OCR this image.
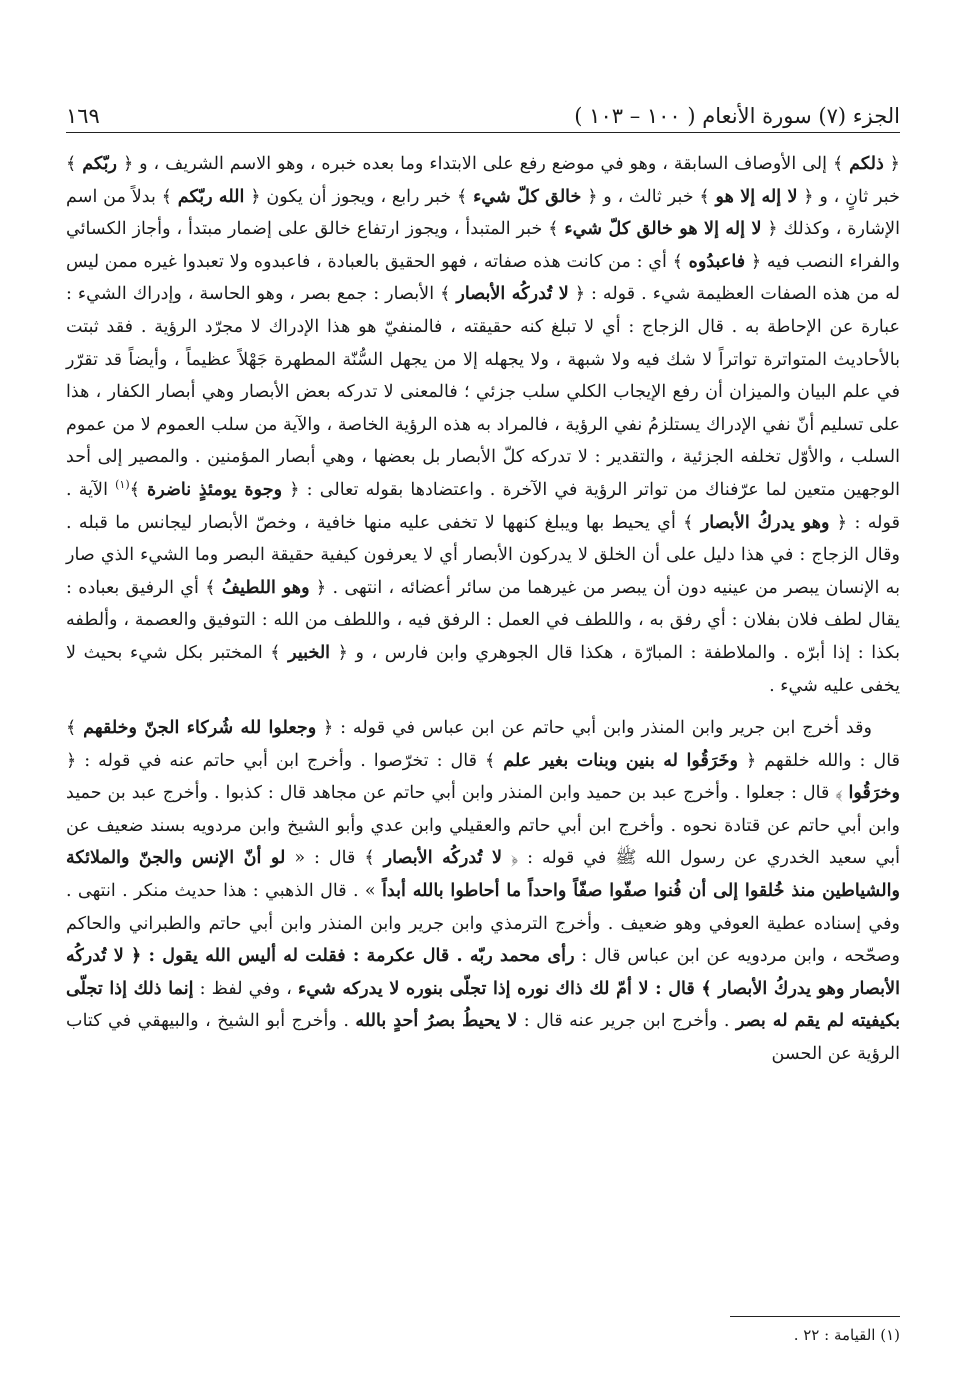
الجزء (٧) سورة الأنعام ( ١٠٠ – ١٠٣ )
١٦٩

﴿ ذلكم ﴾ إلى الأوصاف السابقة ، وهو في موضع رفع على الابتداء وما بعده خبره ، وهو الاسم الشريف ، و ﴿ ربّكم ﴾ خبر ثانٍ ، و ﴿ لا إله إلا هو ﴾ خبر ثالث ، و ﴿ خالق كلّ شيء ﴾ خبر رابع ، ويجوز أن يكون ﴿ الله ربّكم ﴾ بدلاً من اسم الإشارة ، وكذلك ﴿ لا إله إلا هو خالق كلّ شيء ﴾ خبر المتبدأ ، ويجوز ارتفاع خالق على إضمار مبتدأ ، وأجاز الكسائي والفراء النصب فيه ﴿ فاعبدُوه ﴾ أي : من كانت هذه صفاته ، فهو الحقيق بالعبادة ، فاعبدوه ولا تعبدوا غيره ممن ليس له من هذه الصفات العظيمة شيء . قوله : ﴿ لا تُدركُه الأبصار ﴾ الأبصار : جمع بصر ، وهو الحاسة ، وإدراك الشيء : عبارة عن الإحاطة به . قال الزجاج : أي لا تبلغ كنه حقيقته ، فالمنفيّ هو هذا الإدراك لا مجرّد الرؤية . فقد ثبتت بالأحاديث المتواترة تواتراً لا شك فيه ولا شبهة ، ولا يجهله إلا من يجهل السُّنّة المطهرة جَهْلاً عظيماً ، وأيضاً قد تقرّر في علم البيان والميزان أن رفع الإيجاب الكلي سلب جزئي ؛ فالمعنى لا تدركه بعض الأبصار وهي أبصار الكفار ، هذا على تسليم أنّ نفي الإدراك يستلزمُ نفي الرؤية ، فالمراد به هذه الرؤية الخاصة ، والآية من سلب العموم لا من عموم السلب ، والأوّل تخلفه الجزئية ، والتقدير : لا تدركه كلّ الأبصار بل بعضها ، وهي أبصار المؤمنين . والمصير إلى أحد الوجهين متعين لما عرّفناك من تواتر الرؤية في الآخرة . واعتضادها بقوله تعالى : ﴿ وجوة يومئذٍ ناضرة ﴾$^{(١)}$ الآية . قوله : ﴿ وهو يدركُ الأبصار ﴾ أي يحيط بها ويبلغ كنهها لا تخفى عليه منها خافية ، وخصّ الأبصار ليجانس ما قبله . وقال الزجاج : في هذا دليل على أن الخلق لا يدركون الأبصار أي لا يعرفون كيفية حقيقة البصر وما الشيء الذي صار به الإنسان يبصر من عينيه دون أن يبصر من غيرهما من سائر أعضائه ، انتهى . ﴿ وهو اللطيفُ ﴾ أي الرفيق بعباده : يقال لطف فلان بفلان : أي رفق به ، واللطف في العمل : الرفق فيه ، واللطف من الله : التوفيق والعصمة ، وألطفه بكذا : إذا أبرّه . والملاطفة : المبارّة ، هكذا قال الجوهري وابن فارس ، و ﴿ الخبير ﴾ المختبر بكل شيء بحيث لا يخفى عليه شيء .

وقد أخرج ابن جرير وابن المنذر وابن أبي حاتم عن ابن عباس في قوله : ﴿ وجعلوا لله شُركاء الجنّ وخلقهم ﴾ قال : والله خلقهم ﴿ وخَرَقُوا له بنين وبنات بغير علم ﴾ قال : تخرّصوا . وأخرج ابن أبي حاتم عنه في قوله : ﴿ وخرَقُوا ﴾ قال : جعلوا . وأخرج عبد بن حميد وابن المنذر وابن أبي حاتم عن مجاهد قال : كذبوا . وأخرج عبد بن حميد وابن أبي حاتم عن قتادة نحوه . وأخرج ابن أبي حاتم والعقيلي وابن عدي وأبو الشيخ وابن مردويه بسند ضعيف عن أبي سعيد الخدري عن رسول الله ﷺ في قوله : ﴿ لا تُدركُه الأبصار ﴾ قال : « لو أنّ الإنس والجنّ والملائكة والشياطين منذ خُلقوا إلى أن فُنوا صفّوا صفّاً واحداً ما أحاطوا بالله أبداً » . قال الذهبي : هذا حديث منكر . انتهى . وفي إسناده عطية العوفي وهو ضعيف . وأخرج الترمذي وابن جرير وابن المنذر وابن أبي حاتم والطبراني والحاكم وصحّحه ، وابن مردويه عن ابن عباس قال : رأى محمد ربّه . قال عكرمة : فقلت له أليس الله يقول : ﴿ لا تُدركُه الأبصار وهو يدركُ الأبصار ﴾ قال : لا أمّ لك ذاك نوره إذا تجلّى بنوره لا يدركه شيء ، وفي لفظ : إنما ذلك إذا تجلّى بكيفيته لم يقم له بصر . وأخرج ابن جرير عنه قال : لا يحيطُ بصرُ أحدٍ بالله . وأخرج أبو الشيخ ، والبيهقي في كتاب الرؤية عن الحسن

(١) القيامة : ٢٢ .
